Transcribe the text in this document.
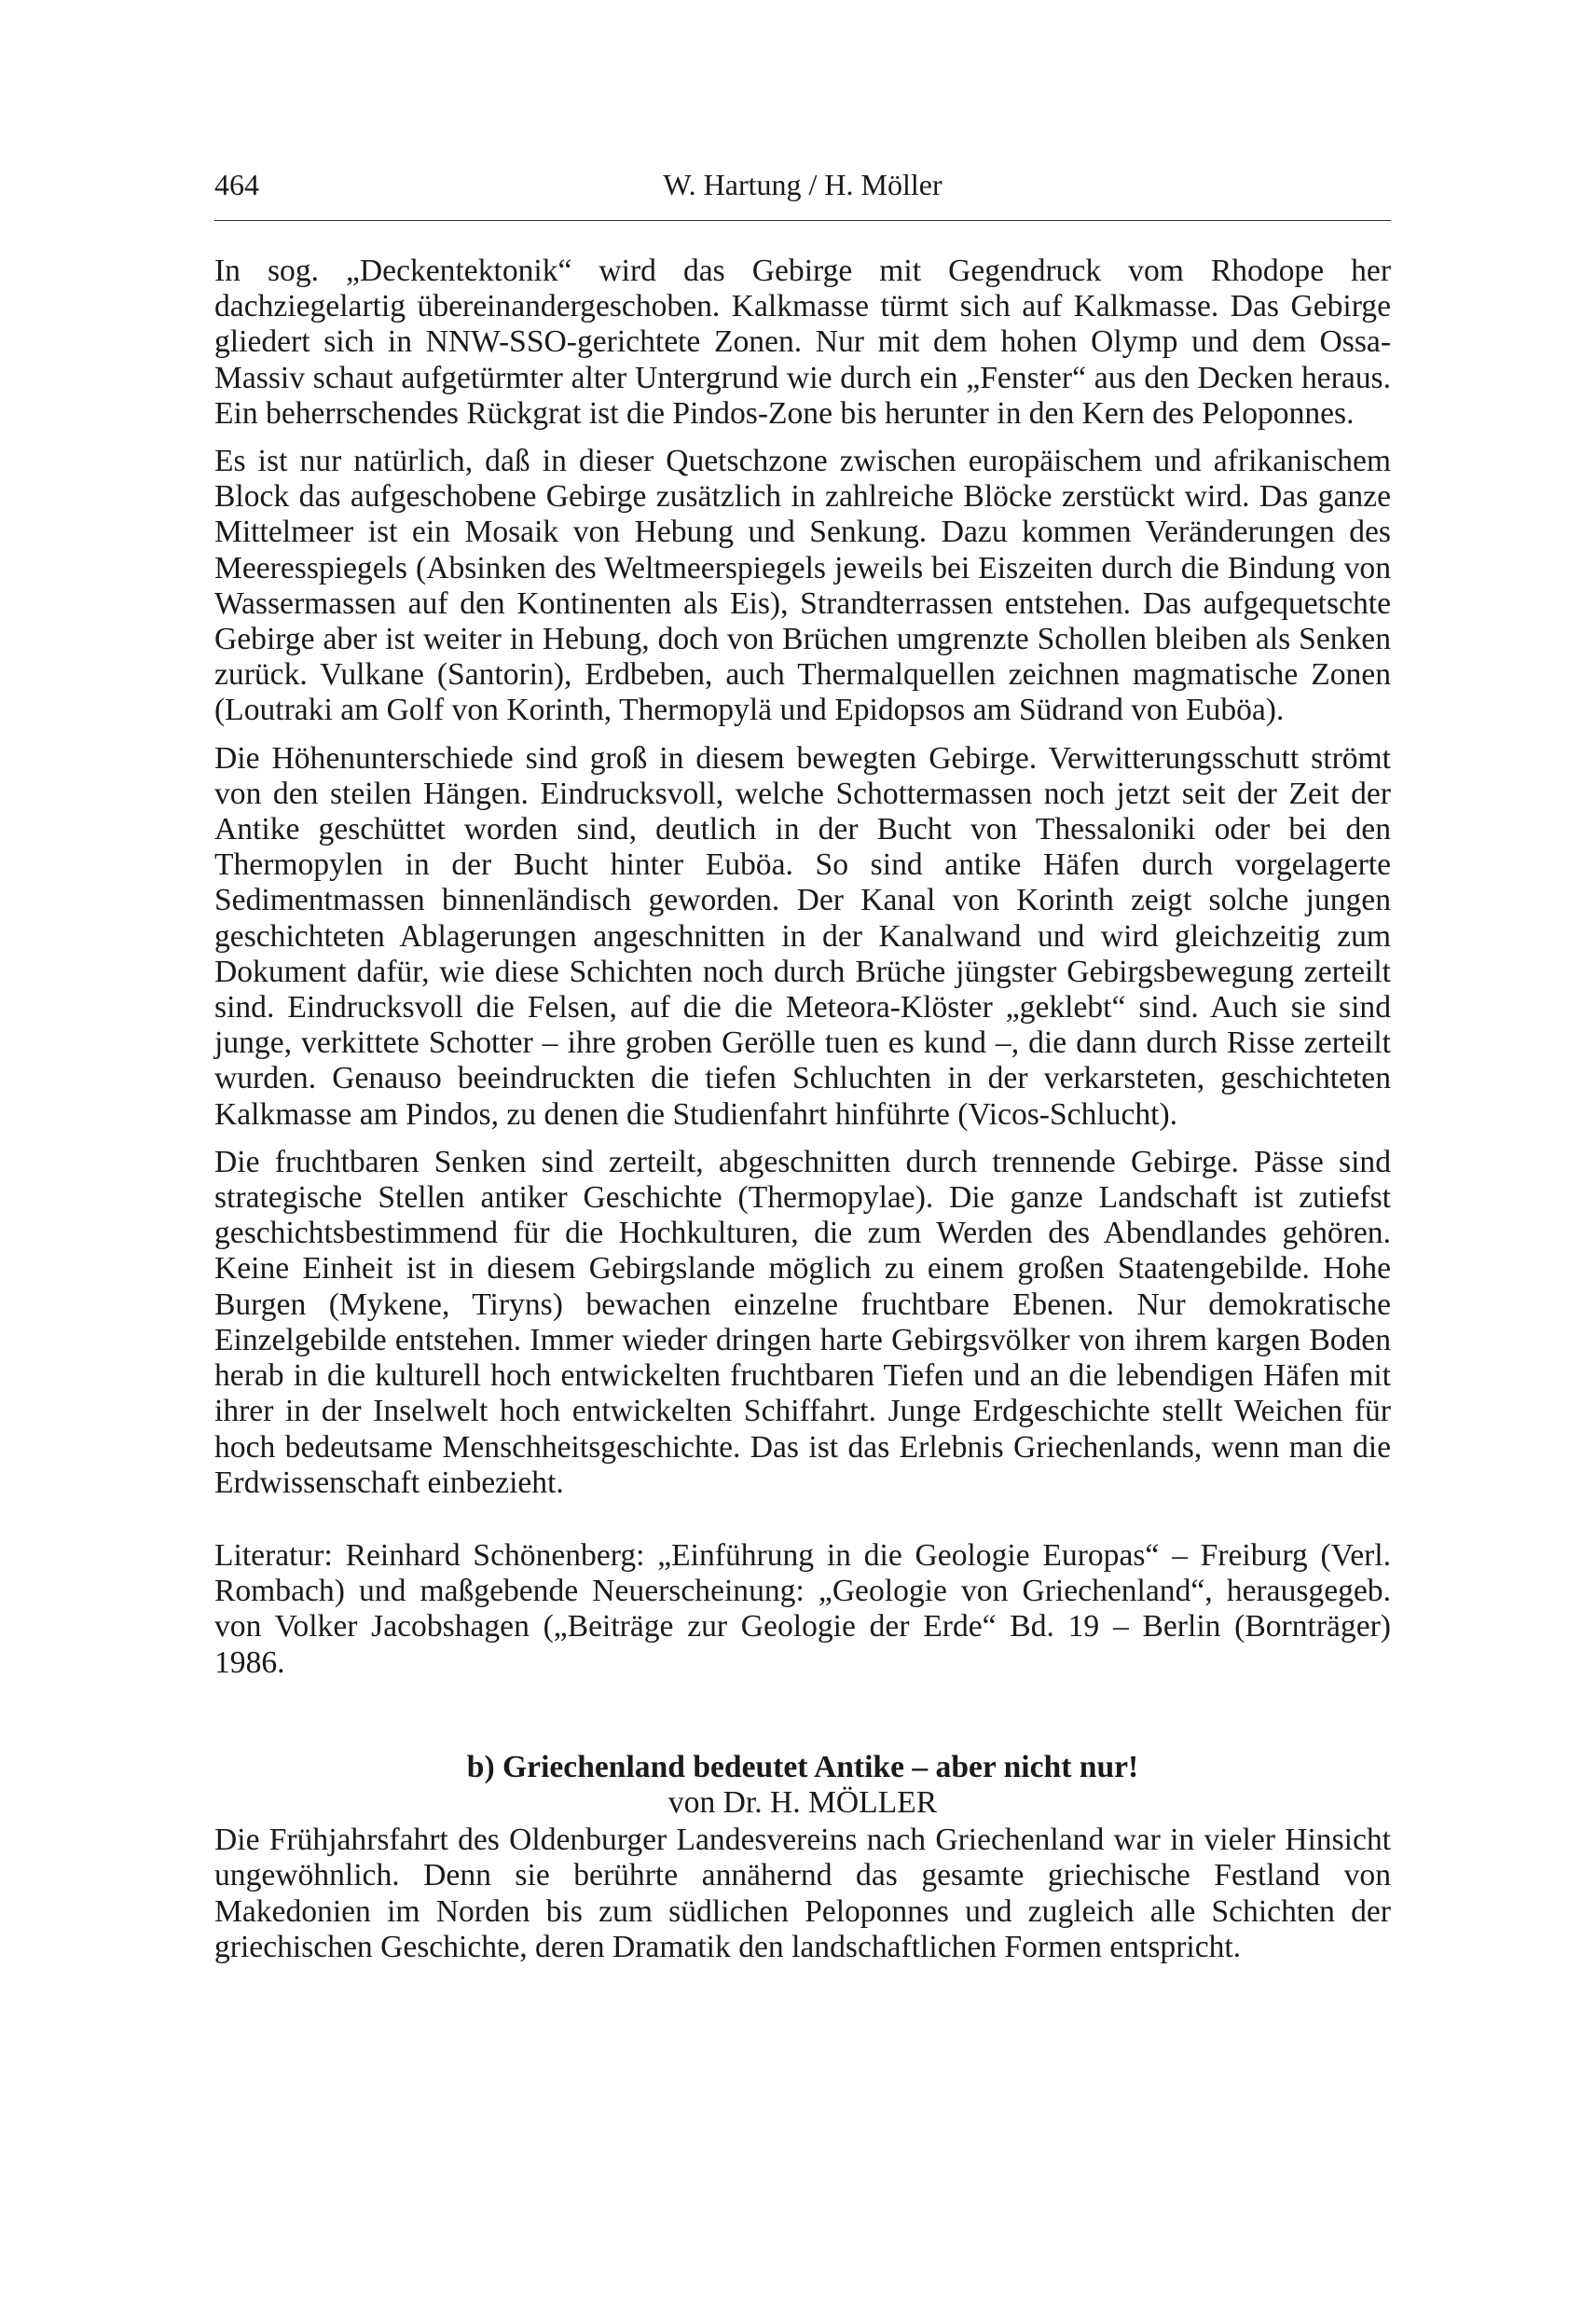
464	W. Hartung / H. Möller

In sog. „Deckentektonik“ wird das Gebirge mit Gegendruck vom Rhodope her dachziegelartig übereinandergeschoben. Kalkmasse türmt sich auf Kalkmasse. Das Gebirge gliedert sich in NNW-SSO-gerichtete Zonen. Nur mit dem hohen Olymp und dem Ossa-Massiv schaut aufgetürmter alter Untergrund wie durch ein „Fenster“ aus den Decken heraus. Ein beherrschendes Rückgrat ist die Pindos-Zone bis herunter in den Kern des Peloponnes.

Es ist nur natürlich, daß in dieser Quetschzone zwischen europäischem und afrikanischem Block das aufgeschobene Gebirge zusätzlich in zahlreiche Blöcke zerstückt wird. Das ganze Mittelmeer ist ein Mosaik von Hebung und Senkung. Dazu kommen Veränderungen des Meeresspiegels (Absinken des Weltmeerspiegels jeweils bei Eiszeiten durch die Bindung von Wassermassen auf den Kontinenten als Eis), Strandterrassen entstehen. Das aufgequetschte Gebirge aber ist weiter in Hebung, doch von Brüchen umgrenzte Schollen bleiben als Senken zurück. Vulkane (Santorin), Erdbeben, auch Thermalquellen zeichnen magmatische Zonen (Loutraki am Golf von Korinth, Thermopylä und Epidopsos am Südrand von Euböa).

Die Höhenunterschiede sind groß in diesem bewegten Gebirge. Verwitterungsschutt strömt von den steilen Hängen. Eindrucksvoll, welche Schottermassen noch jetzt seit der Zeit der Antike geschüttet worden sind, deutlich in der Bucht von Thessaloniki oder bei den Thermopylen in der Bucht hinter Euböa. So sind antike Häfen durch vorgelagerte Sedimentmassen binnenländisch geworden. Der Kanal von Korinth zeigt solche jungen geschichteten Ablagerungen angeschnitten in der Kanalwand und wird gleichzeitig zum Dokument dafür, wie diese Schichten noch durch Brüche jüngster Gebirgsbewegung zerteilt sind. Eindrucksvoll die Felsen, auf die die Meteora-Klöster „geklebt“ sind. Auch sie sind junge, verkittete Schotter – ihre groben Gerölle tuen es kund –, die dann durch Risse zerteilt wurden. Genauso beeindruckten die tiefen Schluchten in der verkarsteten, geschichteten Kalkmasse am Pindos, zu denen die Studienfahrt hinführte (Vicos-Schlucht).

Die fruchtbaren Senken sind zerteilt, abgeschnitten durch trennende Gebirge. Pässe sind strategische Stellen antiker Geschichte (Thermopylae). Die ganze Landschaft ist zutiefst geschichtsbestimmend für die Hochkulturen, die zum Werden des Abendlandes gehören. Keine Einheit ist in diesem Gebirgslande möglich zu einem großen Staatengebilde. Hohe Burgen (Mykene, Tiryns) bewachen einzelne fruchtbare Ebenen. Nur demokratische Einzelgebilde entstehen. Immer wieder dringen harte Gebirgsvölker von ihrem kargen Boden herab in die kulturell hoch entwickelten fruchtbaren Tiefen und an die lebendigen Häfen mit ihrer in der Inselwelt hoch entwickelten Schiffahrt. Junge Erdgeschichte stellt Weichen für hoch bedeutsame Menschheitsgeschichte. Das ist das Erlebnis Griechenlands, wenn man die Erdwissenschaft einbezieht.

Literatur: Reinhard Schönenberg: „Einführung in die Geologie Europas“ – Freiburg (Verl. Rombach) und maßgebende Neuerscheinung: „Geologie von Griechenland“, herausgegeb. von Volker Jacobshagen („Beiträge zur Geologie der Erde“ Bd. 19 – Berlin (Bornträger) 1986.

b) Griechenland bedeutet Antike – aber nicht nur!
von Dr. H. MÖLLER

Die Frühjahrsfahrt des Oldenburger Landesvereins nach Griechenland war in vieler Hinsicht ungewöhnlich. Denn sie berührte annähernd das gesamte griechische Festland von Makedonien im Norden bis zum südlichen Peloponnes und zugleich alle Schichten der griechischen Geschichte, deren Dramatik den landschaftlichen Formen entspricht.
